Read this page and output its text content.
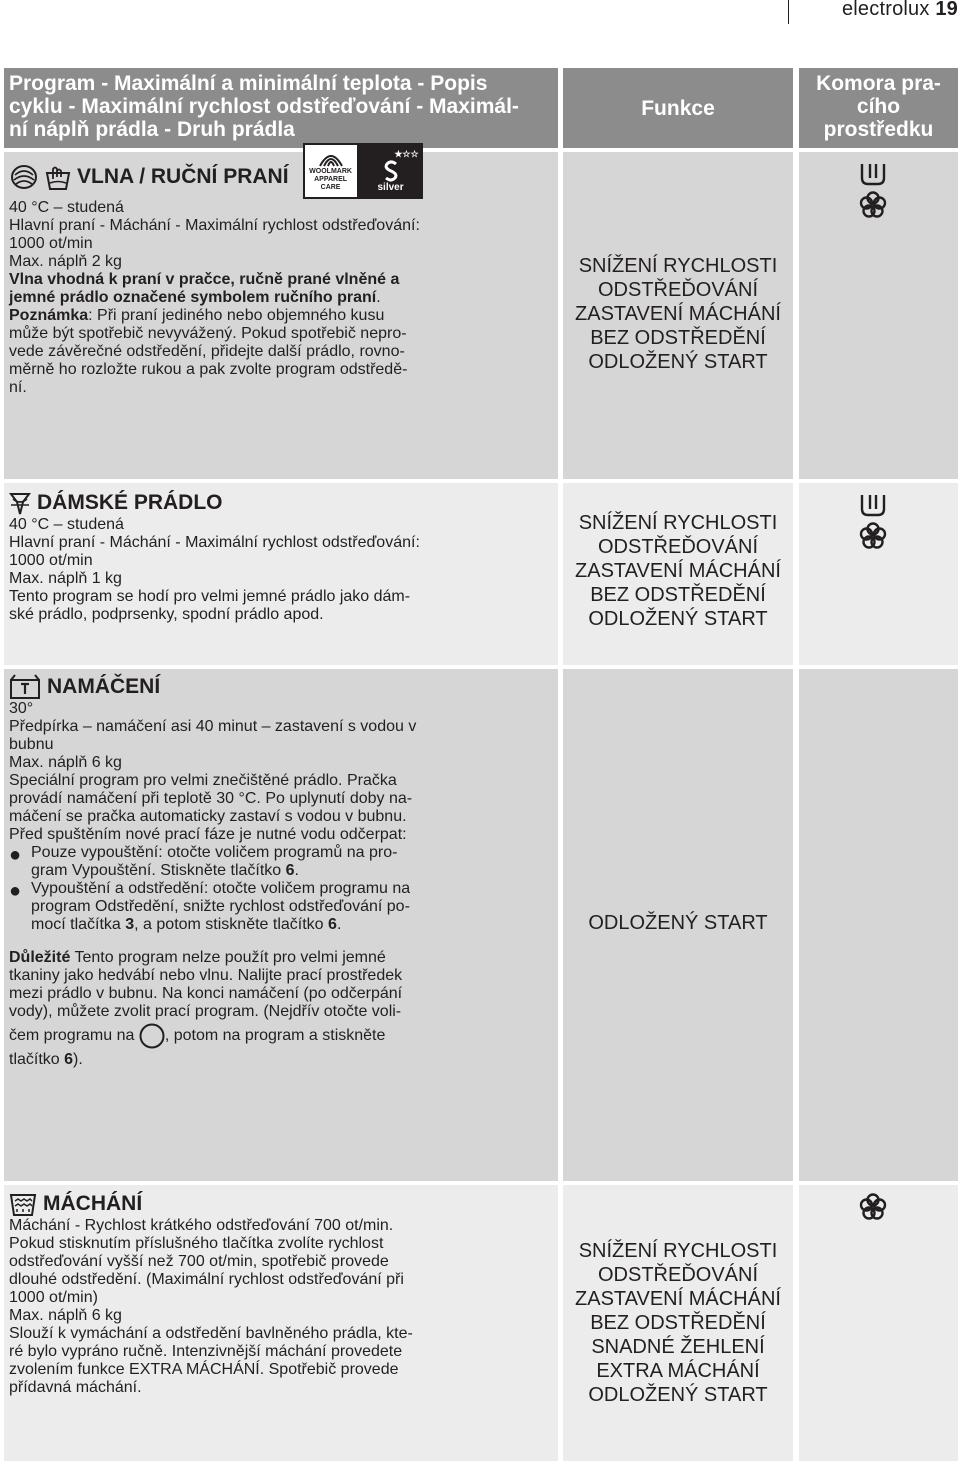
electrolux 19
Program - Maximální a minimální teplota - Popis
cyklu - Maximální rychlost odstřeďování - Maximál-
ní náplň prádla - Druh prádla
Funkce
Komora pra-
cího
prostředku
VLNA / RUČNÍ PRANÍ	WOOLMARK
APPAREL CARE
★☆☆
silver
40 °C – studená
Hlavní praní - Máchání - Maximální rychlost odstřeďování:
1000 ot/min
Max. náplň 2 kg
Vlna vhodná k praní v pračce, ručně prané vlněné a
jemné prádlo označené symbolem ručního praní.
Poznámka: Při praní jediného nebo objemného kusu
může být spotřebič nevyvážený. Pokud spotřebič nepro-
vede závěrečné odstředění, přidejte další prádlo, rovno-
měrně ho rozložte rukou a pak zvolte program odstředě-
ní.
SNÍŽENÍ RYCHLOSTI
ODSTŘEĎOVÁNÍ
ZASTAVENÍ MÁCHÁNÍ
BEZ ODSTŘEDĚNÍ
ODLOŽENÝ START

DÁMSKÉ PRÁDLO
40 °C – studená
Hlavní praní - Máchání - Maximální rychlost odstřeďování:
1000 ot/min
Max. náplň 1 kg
Tento program se hodí pro velmi jemné prádlo jako dám-
ské prádlo, podprsenky, spodní prádlo apod.
SNÍŽENÍ RYCHLOSTI
ODSTŘEĎOVÁNÍ
ZASTAVENÍ MÁCHÁNÍ
BEZ ODSTŘEDĚNÍ
ODLOŽENÝ START

NAMÁČENÍ
30°
Předpírka – namáčení asi 40 minut – zastavení s vodou v
bubnu
Max. náplň 6 kg
Speciální program pro velmi znečištěné prádlo. Pračka
provádí namáčení při teplotě 30 °C. Po uplynutí doby na-
máčení se pračka automaticky zastaví s vodou v bubnu.
Před spuštěním nové prací fáze je nutné vodu odčerpat:
● Pouze vypouštění: otočte voličem programů na pro-
gram Vypouštění. Stiskněte tlačítko 6.
● Vypouštění a odstředění: otočte voličem programu na
program Odstředění, snižte rychlost odstřeďování po-
mocí tlačítka 3, a potom stiskněte tlačítko 6.
Důležité Tento program nelze použít pro velmi jemné
tkaniny jako hedvábí nebo vlnu. Nalijte prací prostředek
mezi prádlo v bubnu. Na konci namáčení (po odčerpání
vody), můžete zvolit prací program. (Nejdřív otočte voli-
čem programu na , potom na program a stiskněte
tlačítko 6).
ODLOŽENÝ START
MÁCHÁNÍ
Máchání - Rychlost krátkého odstřeďování 700 ot/min.
Pokud stisknutím příslušného tlačítka zvolíte rychlost
odstřeďování vyšší než 700 ot/min, spotřebič provede
dlouhé odstředění. (Maximální rychlost odstřeďování při
1000 ot/min)
Max. náplň 6 kg
Slouží k vymáchání a odstředění bavlněného prádla, kte-
ré bylo vypráno ručně. Intenzivnější máchání provedete
zvolením funkce EXTRA MÁCHÁNÍ. Spotřebič provede
přídavná máchání.
SNÍŽENÍ RYCHLOSTI
ODSTŘEĎOVÁNÍ
ZASTAVENÍ MÁCHÁNÍ
BEZ ODSTŘEDĚNÍ
SNADNÉ ŽEHLENÍ
EXTRA MÁCHÁNÍ
ODLOŽENÝ START
